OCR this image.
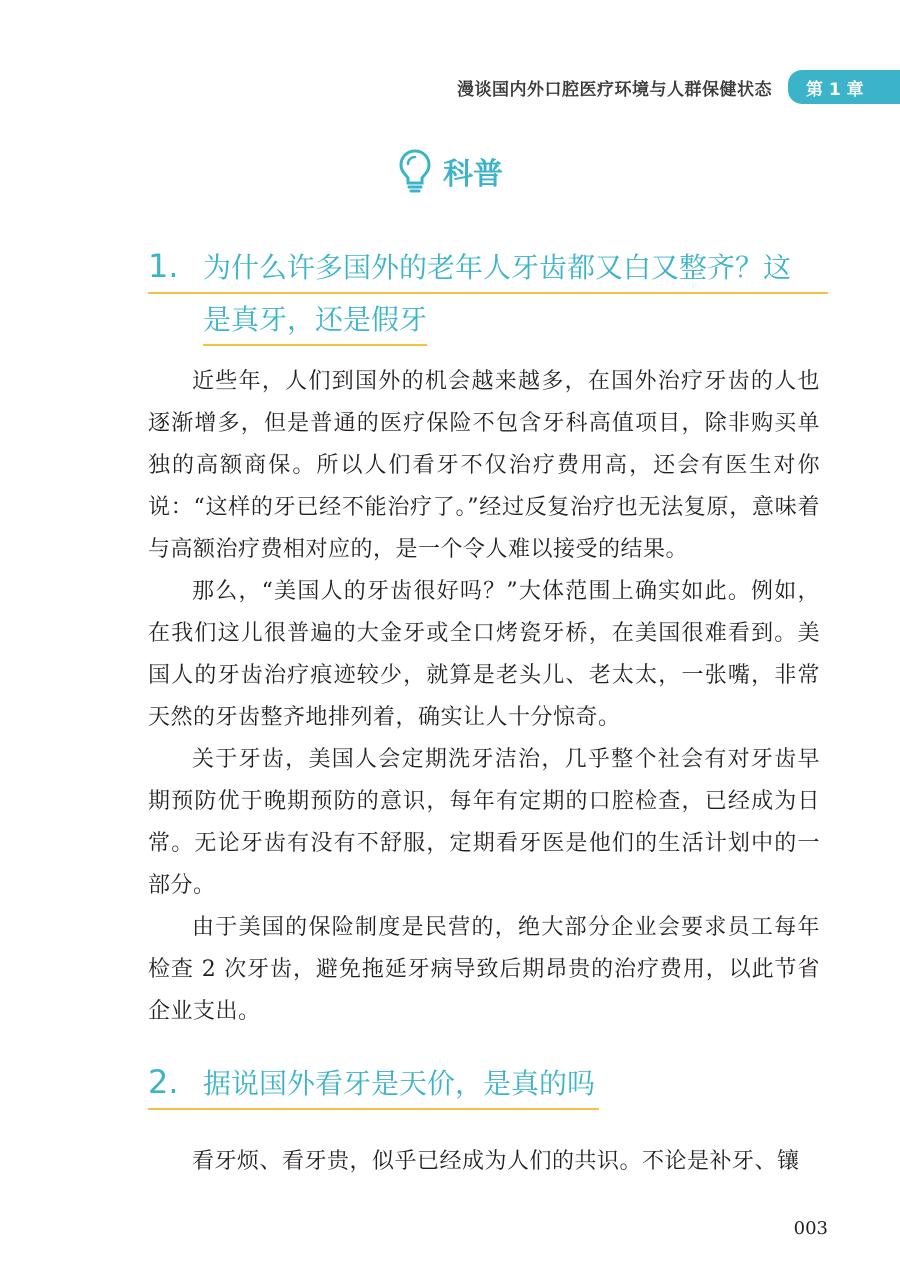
漫谈国内外口腔医疗环境与人群保健状态	第 1 章
科普
1. 为什么许多国外的老年人牙齿都又白又整齐？这
是真牙，还是假牙

近些年，人们到国外的机会越来越多，在国外治疗牙齿的人也逐渐增多，但是普通的医疗保险不包含牙科高值项目，除非购买单独的高额商保。所以人们看牙不仅治疗费用高，还会有医生对你说：“这样的牙已经不能治疗了。”经过反复治疗也无法复原，意味着与高额治疗费相对应的，是一个令人难以接受的结果。

那么，“美国人的牙齿很好吗？”大体范围上确实如此。例如，在我们这儿很普遍的大金牙或全口烤瓷牙桥，在美国很难看到。美国人的牙齿治疗痕迹较少，就算是老头儿、老太太，一张嘴，非常天然的牙齿整齐地排列着，确实让人十分惊奇。

关于牙齿，美国人会定期洗牙洁治，几乎整个社会有对牙齿早期预防优于晚期预防的意识，每年有定期的口腔检查，已经成为日常。无论牙齿有没有不舒服，定期看牙医是他们的生活计划中的一部分。

由于美国的保险制度是民营的，绝大部分企业会要求员工每年检查 2 次牙齿，避免拖延牙病导致后期昂贵的治疗费用，以此节省企业支出。

2. 据说国外看牙是天价，是真的吗

看牙烦、看牙贵，似乎已经成为人们的共识。不论是补牙、镶

003
